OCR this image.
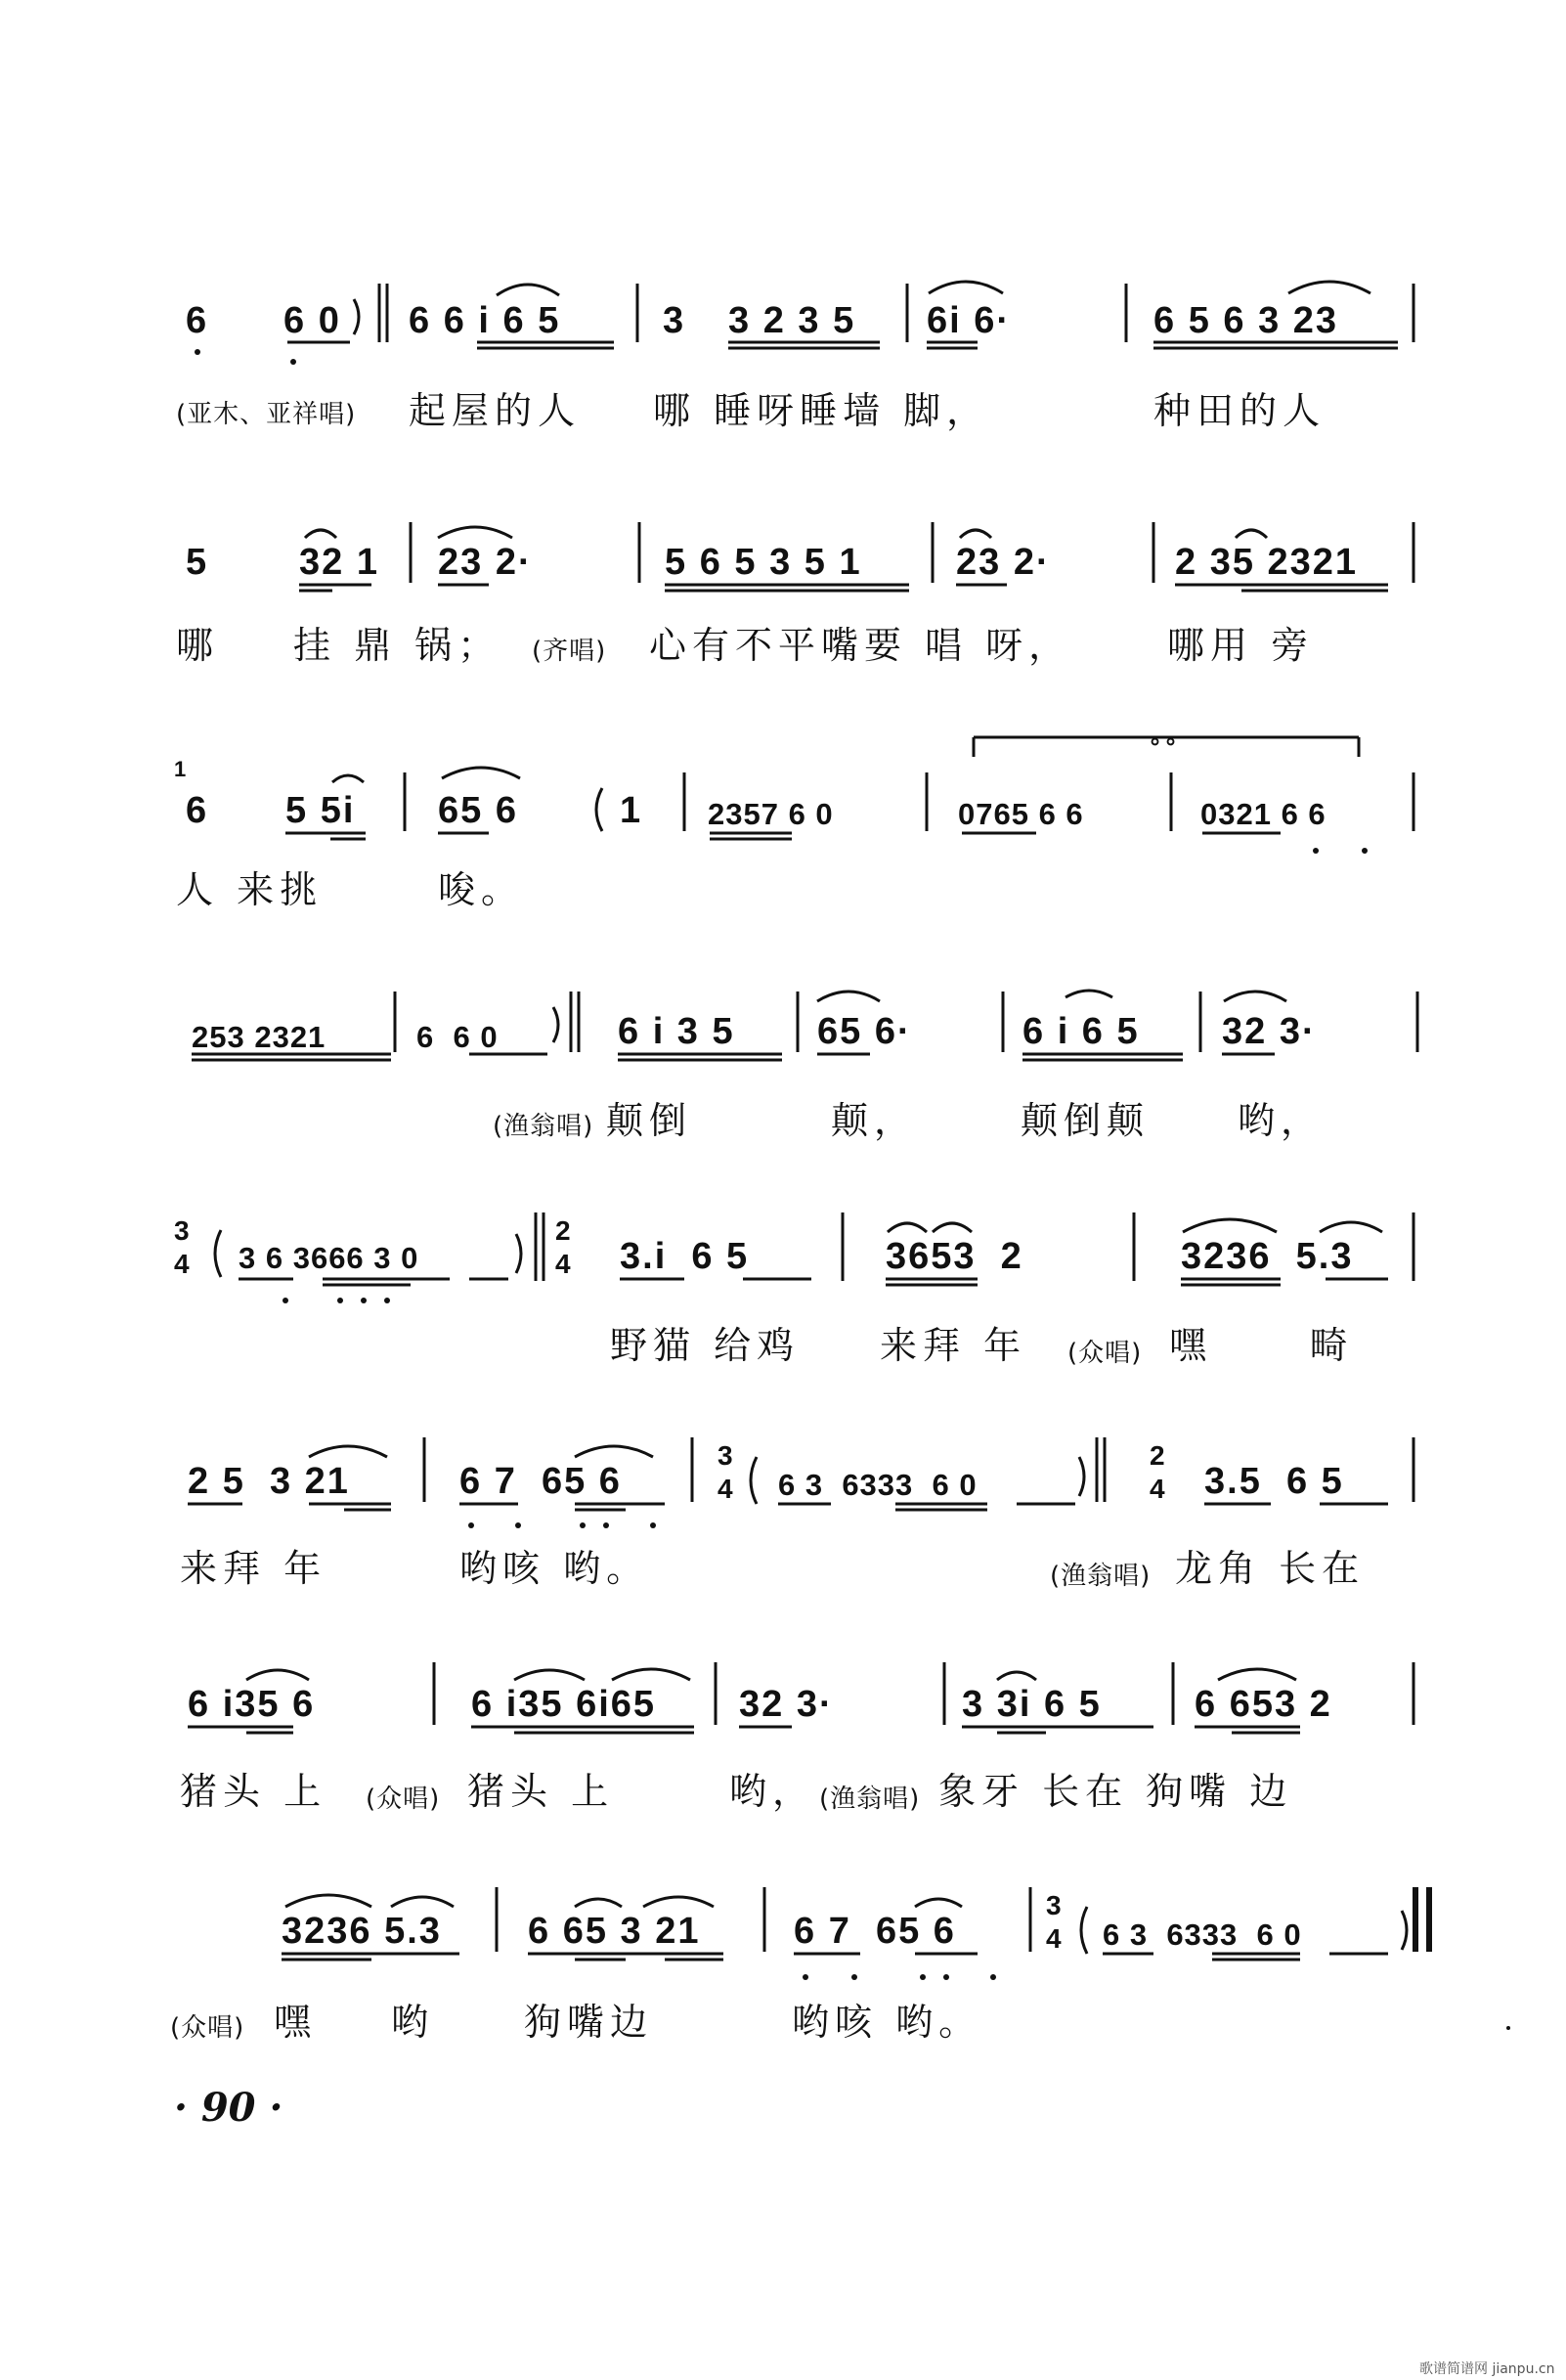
6 6 0 6 6 i 6 5	3 3 2 3 5 6i 6·	6 5 6 3 23
(亚木、亚祥唱) 起屋的人 哪 睡呀睡墙 脚，	种田的人
5 32 1 23 2·	5 6 5 3 5 1	23 2·	2 35 2321
哪 挂 鼎 锅； (齐唱) 心有不平嘴要 唱 呀，	哪用 旁
1
6 5 5i 65 6	1 2357 6 0	0765 6 6	0321 6 6
∘∘
人 来挑	唆。
253 2321	6  6 0	6 i 3 5 65 6·	6 i 6 5 32 3·
(渔翁唱) 颠倒	颠，	颠倒颠 哟，
3
4 3 6 3666 3 0
2
4 3.i  6 5	3653  2	3236  5.3
野猫 给鸡 来拜 年 (众唱) 嘿	畸
2 5  3 21	6 7  65 6
3
4 6 3  6333  6 0
2
4 3.5  6 5
来拜 年	哟咳 哟。	(渔翁唱) 龙角 长在
6 i35 6	6 i35 6i65 32 3·	3 3i 6 5	6 653 2
猪头 上 (众唱) 猪头 上	哟， (渔翁唱) 象牙 长在 狗嘴 边
3236 5.3 6 65 3 21	6 7  65 6
3
4 6 3  6333  6 0
(众唱) 嘿 哟 狗嘴边	哟咳 哟。
· 90 ·
歌谱简谱网 jianpu.cn
